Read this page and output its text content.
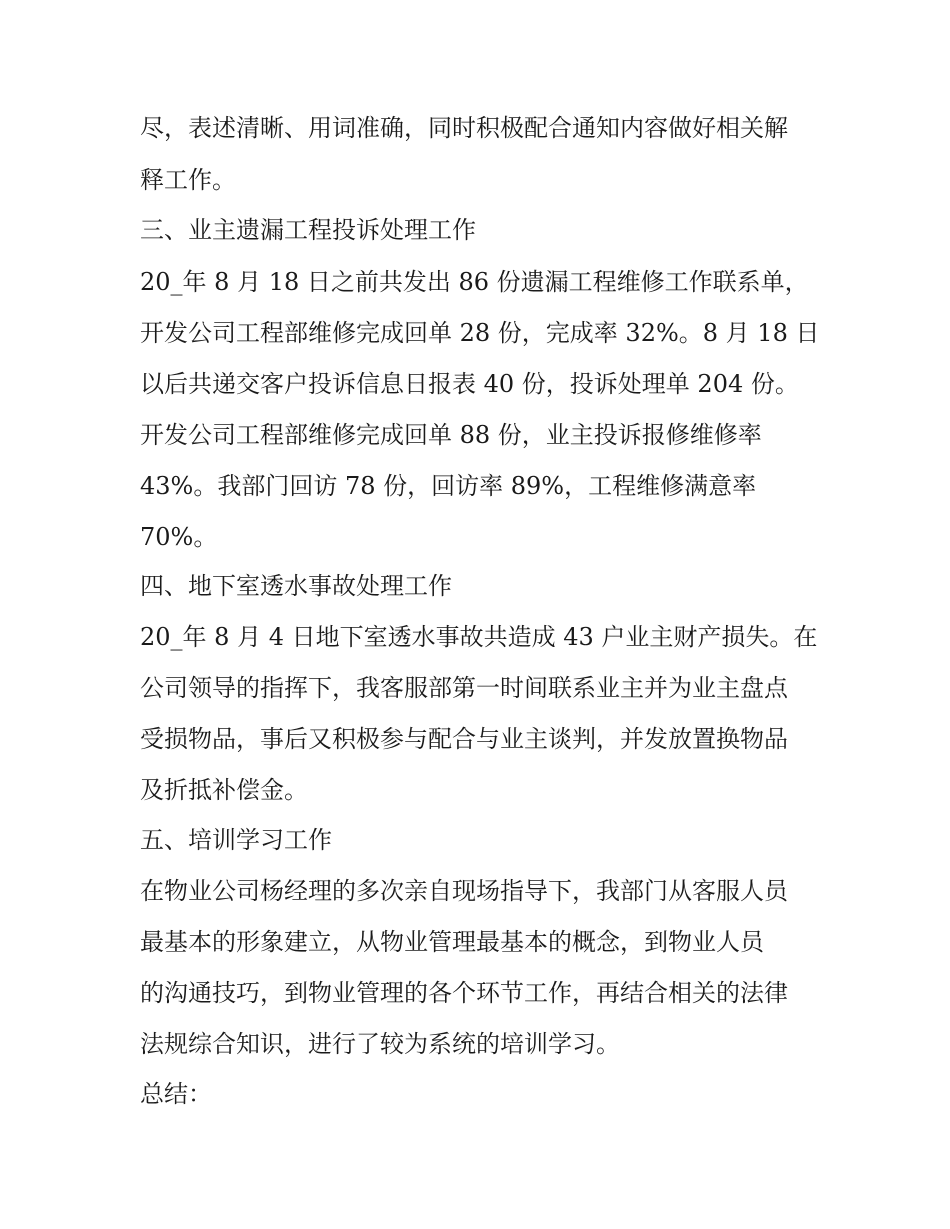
尽，表述清晰、用词准确，同时积极配合通知内容做好相关解
释工作。
三、业主遗漏工程投诉处理工作
20_年 8 月 18 日之前共发出 86 份遗漏工程维修工作联系单，
开发公司工程部维修完成回单 28 份，完成率 32%。8 月 18 日
以后共递交客户投诉信息日报表 40 份，投诉处理单 204 份。
开发公司工程部维修完成回单 88 份，业主投诉报修维修率
43%。我部门回访 78 份，回访率 89%，工程维修满意率
70%。
四、地下室透水事故处理工作
20_年 8 月 4 日地下室透水事故共造成 43 户业主财产损失。在
公司领导的指挥下，我客服部第一时间联系业主并为业主盘点
受损物品，事后又积极参与配合与业主谈判，并发放置换物品
及折抵补偿金。
五、培训学习工作
在物业公司杨经理的多次亲自现场指导下，我部门从客服人员
最基本的形象建立，从物业管理最基本的概念，到物业人员
的沟通技巧，到物业管理的各个环节工作，再结合相关的法律
法规综合知识，进行了较为系统的培训学习。
总结：
